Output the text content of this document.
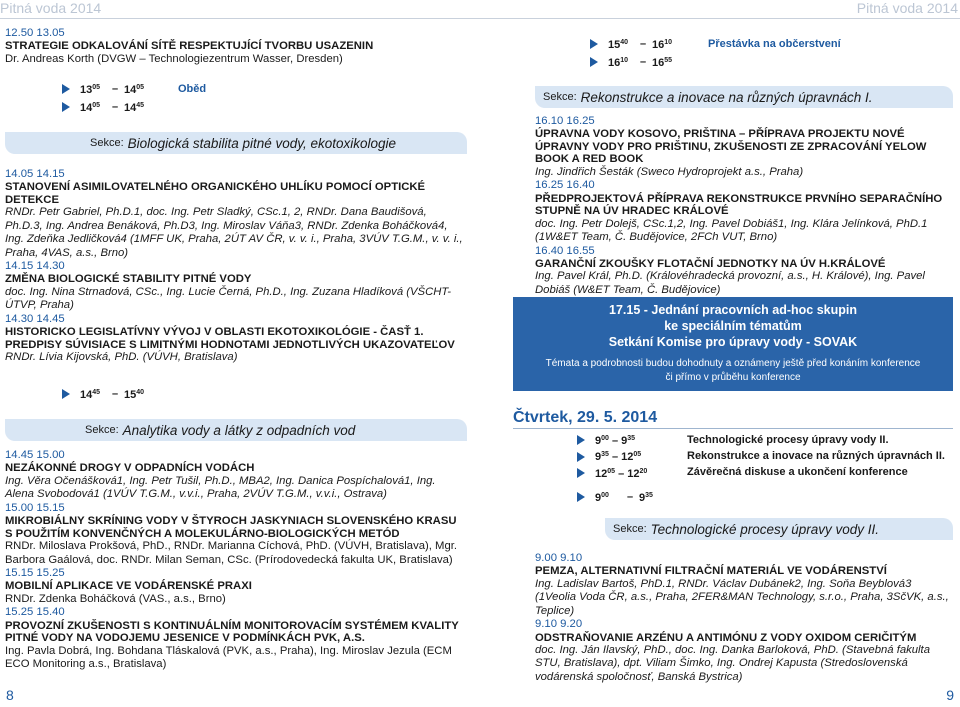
Pitná voda 2014	Pitná voda 2014
12.50 13.05
STRATEGIE ODKALOVÁNÍ SÍTĚ RESPEKTUJÍCÍ TVORBU USAZENIN
Dr. Andreas Korth (DVGW – Technologiezentrum Wasser, Dresden)
$13^{05}$	– $14^{05}$	Oběd
$14^{05}$	– $14^{45}$
Sekce: Biologická stabilita pitné vody, ekotoxikologie
14.05 14.15
STANOVENÍ ASIMILOVATELNÉHO ORGANICKÉHO UHLÍKU POMOCÍ OPTICKÉ DETEKCE
RNDr. Petr Gabriel, Ph.D.1, doc. Ing. Petr Sladký, CSc.1, 2, RNDr. Dana Baudišová, Ph.D.3, Ing. Andrea Benáková, Ph.D3, Ing. Miroslav Váňa3, RNDr. Zdenka Boháčková4, Ing. Zdeňka Jedličková4 (1MFF UK, Praha, 2ÚT AV ČR, v. v. i., Praha, 3VÚV T.G.M., v. v. i., Praha, 4VAS, a.s., Brno)
14.15 14.30
ZMĚNA BIOLOGICKÉ STABILITY PITNÉ VODY
doc. Ing. Nina Strnadová, CSc., Ing. Lucie Černá, Ph.D., Ing. Zuzana Hladíková (VŠCHT-ÚTVP, Praha)
14.30 14.45
HISTORICKO LEGISLATÍVNY VÝVOJ V OBLASTI EKOTOXIKOLÓGIE - ČASŤ 1. PREDPISY SÚVISIACE S LIMITNÝMI HODNOTAMI JEDNOTLIVÝCH UKAZOVATEĽOV
RNDr. Lívia Kijovská, PhD. (VÚVH, Bratislava)
$14^{45}$	– $15^{40}$
Sekce: Analytika vody a látky z odpadních vod
14.45 15.00
NEZÁKONNÉ DROGY V ODPADNÍCH VODÁCH
Ing. Věra Očenášková1, Ing. Petr Tušil, Ph.D., MBA2, Ing. Danica Pospíchalová1, Ing. Alena Svobodová1 (1VÚV T.G.M., v.v.i., Praha, 2VÚV T.G.M., v.v.i., Ostrava)
15.00 15.15
MIKROBIÁLNY SKRÍNING VODY V ŠTYROCH JASKYNIACH SLOVENSKÉHO KRASU S POUŽITÍM KONVENČNÝCH A MOLEKULÁRNO-BIOLOGICKÝCH METÓD
RNDr. Miloslava Prokšová, PhD., RNDr. Marianna Cíchová, PhD. (VÚVH, Bratislava), Mgr. Barbora Gaálová, doc. RNDr. Milan Seman, CSc. (Prírodovedecká fakulta UK, Bratislava)
15.15 15.25
MOBILNÍ APLIKACE VE VODÁRENSKÉ PRAXI
RNDr. Zdenka Boháčková (VAS., a.s., Brno)
15.25 15.40
PROVOZNÍ ZKUŠENOSTI S KONTINUÁLNÍM MONITOROVACÍM SYSTÉMEM KVALITY PITNÉ VODY NA VODOJEMU JESENICE V PODMÍNKÁCH PVK, A.S.
Ing. Pavla Dobrá, Ing. Bohdana Tláskalová (PVK, a.s., Praha), Ing. Miroslav Jezula (ECM ECO Monitoring a.s., Bratislava)
8
$15^{40}$	– $16^{10}$	Přestávka na občerstvení
$16^{10}$	– $16^{55}$
Sekce: Rekonstrukce a inovace na různých úpravnách I.
16.10 16.25
ÚPRAVNA VODY KOSOVO, PRIŠTINA – PŘÍPRAVA PROJEKTU NOVÉ ÚPRAVNY VODY PRO PRIŠTINU, ZKUŠENOSTI ZE ZPRACOVÁNÍ YELOW BOOK A RED BOOK
Ing. Jindřich Šesták (Sweco Hydroprojekt a.s., Praha)
16.25 16.40
PŘEDPROJEKTOVÁ PŘÍPRAVA REKONSTRUKCE PRVNÍHO SEPARAČNÍHO STUPNĚ NA ÚV HRADEC KRÁLOVÉ
doc. Ing. Petr Dolejš, CSc.1,2, Ing. Pavel Dobiáš1, Ing. Klára Jelínková, PhD.1 (1W&ET Team, Č. Budějovice, 2FCh VUT, Brno)
16.40 16.55
GARANČNÍ ZKOUŠKY FLOTAČNÍ JEDNOTKY NA ÚV H.KRÁLOVÉ
Ing. Pavel Král, Ph.D. (Královéhradecká provozní, a.s., H. Králové), Ing. Pavel Dobiáš (W&ET Team, Č. Budějovice)
17.15 - Jednání pracovních ad-hoc skupin
ke speciálním tématům
Setkání Komise pro úpravy vody - SOVAK
Témata a podrobnosti budou dohodnuty a oznámeny ještě před konáním konference
či přímo v průběhu konference
Čtvrtek, 29. 5. 2014
$9^{00} - 9^{35}$	Technologické procesy úpravy vody II.
$9^{35} - 12^{05}$	Rekonstrukce a inovace na různých úpravnách II.
$12^{05} - 12^{20}$	Závěrečná diskuse a ukončení konference
$9^{00}$	– $9^{35}$
Sekce: Technologické procesy úpravy vody II.
9.00 9.10
PEMZA, ALTERNATIVNÍ FILTRAČNÍ MATERIÁL VE VODÁRENSTVÍ
Ing. Ladislav Bartoš, PhD.1, RNDr. Václav Dubánek2, Ing. Soňa Beyblová3 (1Veolia Voda ČR, a.s., Praha, 2FER&MAN Technology, s.r.o., Praha, 3SčVK, a.s., Teplice)
9.10 9.20
ODSTRAŇOVANIE ARZÉNU A ANTIMÓNU Z VODY OXIDOM CERIČITÝM
doc. Ing. Ján Ilavský, PhD., doc. Ing. Danka Barloková, PhD. (Stavebná fakulta STU, Bratislava), dpt. Viliam Šimko, Ing. Ondrej Kapusta (Stredoslovenská vodárenská spoločnosť, Banská Bystrica)
9
